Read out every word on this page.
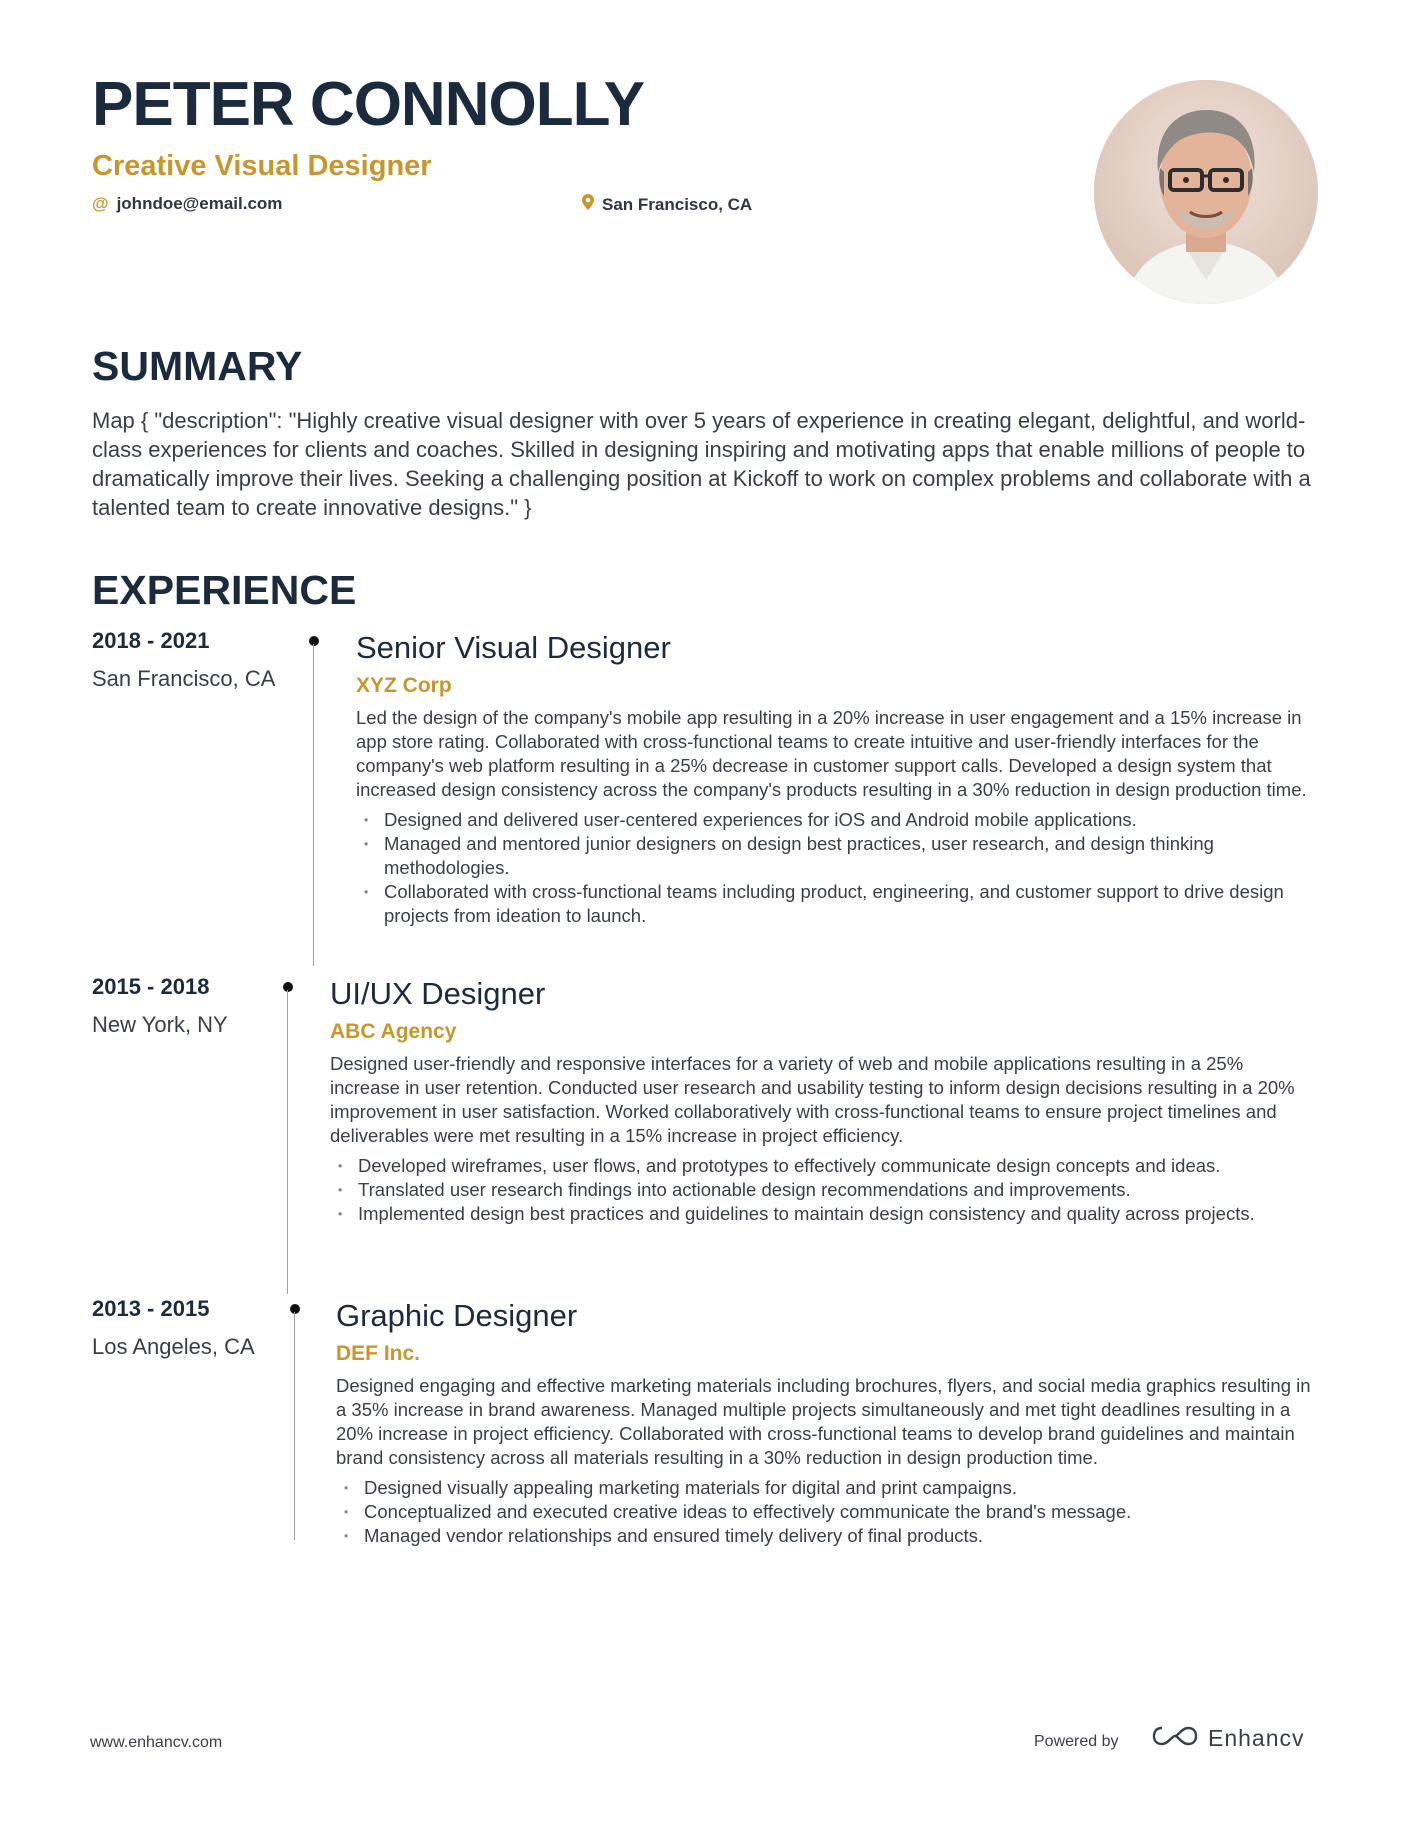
PETER CONNOLLY
Creative Visual Designer
@ johndoe@email.com	San Francisco, CA
SUMMARY

Map { "description": "Highly creative visual designer with over 5 years of experience in creating elegant, delightful, and world-class experiences for clients and coaches. Skilled in designing inspiring and motivating apps that enable millions of people to dramatically improve their lives. Seeking a challenging position at Kickoff to work on complex problems and collaborate with a talented team to create innovative designs." }

EXPERIENCE
2018 - 2021
San Francisco, CA
Senior Visual Designer
XYZ Corp

Led the design of the company's mobile app resulting in a 20% increase in user engagement and a 15% increase in app store rating. Collaborated with cross-functional teams to create intuitive and user-friendly interfaces for the company's web platform resulting in a 25% decrease in customer support calls. Developed a design system that increased design consistency across the company's products resulting in a 30% reduction in design production time.

• Designed and delivered user-centered experiences for iOS and Android mobile applications.
• Managed and mentored junior designers on design best practices, user research, and design thinking methodologies.
• Collaborated with cross-functional teams including product, engineering, and customer support to drive design projects from ideation to launch.
2015 - 2018
New York, NY
UI/UX Designer
ABC Agency

Designed user-friendly and responsive interfaces for a variety of web and mobile applications resulting in a 25% increase in user retention. Conducted user research and usability testing to inform design decisions resulting in a 20% improvement in user satisfaction. Worked collaboratively with cross-functional teams to ensure project timelines and deliverables were met resulting in a 15% increase in project efficiency.

• Developed wireframes, user flows, and prototypes to effectively communicate design concepts and ideas.
• Translated user research findings into actionable design recommendations and improvements.
• Implemented design best practices and guidelines to maintain design consistency and quality across projects.
2013 - 2015
Los Angeles, CA
Graphic Designer
DEF Inc.

Designed engaging and effective marketing materials including brochures, flyers, and social media graphics resulting in a 35% increase in brand awareness. Managed multiple projects simultaneously and met tight deadlines resulting in a 20% increase in project efficiency. Collaborated with cross-functional teams to develop brand guidelines and maintain brand consistency across all materials resulting in a 30% reduction in design production time.

• Designed visually appealing marketing materials for digital and print campaigns.
• Conceptualized and executed creative ideas to effectively communicate the brand's message.
• Managed vendor relationships and ensured timely delivery of final products.
www.enhancv.com	Powered by	Enhancv
